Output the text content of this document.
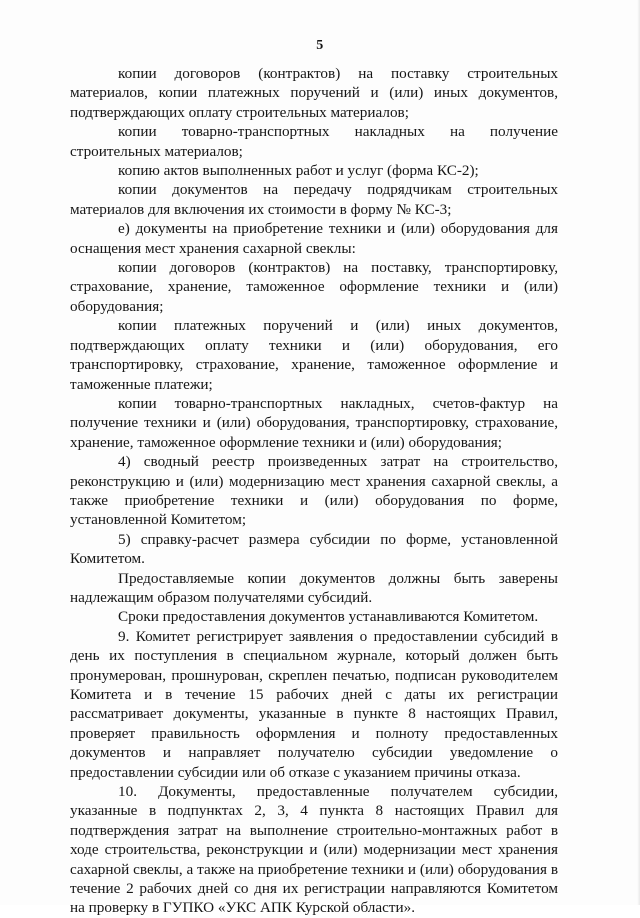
5

копии договоров (контрактов) на поставку строительных материалов, копии платежных поручений и (или) иных документов, подтверждающих оплату строительных материалов;

копии товарно-транспортных накладных на получение строительных материалов;

копию актов выполненных работ и услуг (форма КС-2);

копии документов на передачу подрядчикам строительных материалов для включения их стоимости в форму № КС-3;

е) документы на приобретение техники и (или) оборудования для оснащения мест хранения сахарной свеклы:

копии договоров (контрактов) на поставку, транспортировку, страхование, хранение, таможенное оформление техники и (или) оборудования;

копии платежных поручений и (или) иных документов, подтверждающих оплату техники и (или) оборудования, его транспортировку, страхование, хранение, таможенное оформление и таможенные платежи;

копии товарно-транспортных накладных, счетов-фактур на получение техники и (или) оборудования, транспортировку, страхование, хранение, таможенное оформление техники и (или) оборудования;

4) сводный реестр произведенных затрат на строительство, реконструкцию и (или) модернизацию мест хранения сахарной свеклы, а также приобретение техники и (или) оборудования по форме, установленной Комитетом;

5) справку-расчет размера субсидии по форме, установленной Комитетом.

Предоставляемые копии документов должны быть заверены надлежащим образом получателями субсидий.

Сроки предоставления документов устанавливаются Комитетом.

9. Комитет регистрирует заявления о предоставлении субсидий в день их поступления в специальном журнале, который должен быть пронумерован, прошнурован, скреплен печатью, подписан руководителем Комитета и в течение 15 рабочих дней с даты их регистрации рассматривает документы, указанные в пункте 8 настоящих Правил, проверяет правильность оформления и полноту предоставленных документов и направляет получателю субсидии уведомление о предоставлении субсидии или об отказе с указанием причины отказа.

10. Документы, предоставленные получателем субсидии, указанные в подпунктах 2, 3, 4 пункта 8 настоящих Правил для подтверждения затрат на выполнение строительно-монтажных работ в ходе строительства, реконструкции и (или) модернизации мест хранения сахарной свеклы, а также на приобретение техники и (или) оборудования в течение 2 рабочих дней со дня их регистрации направляются Комитетом на проверку в ГУПКО «УКС АПК Курской области».
